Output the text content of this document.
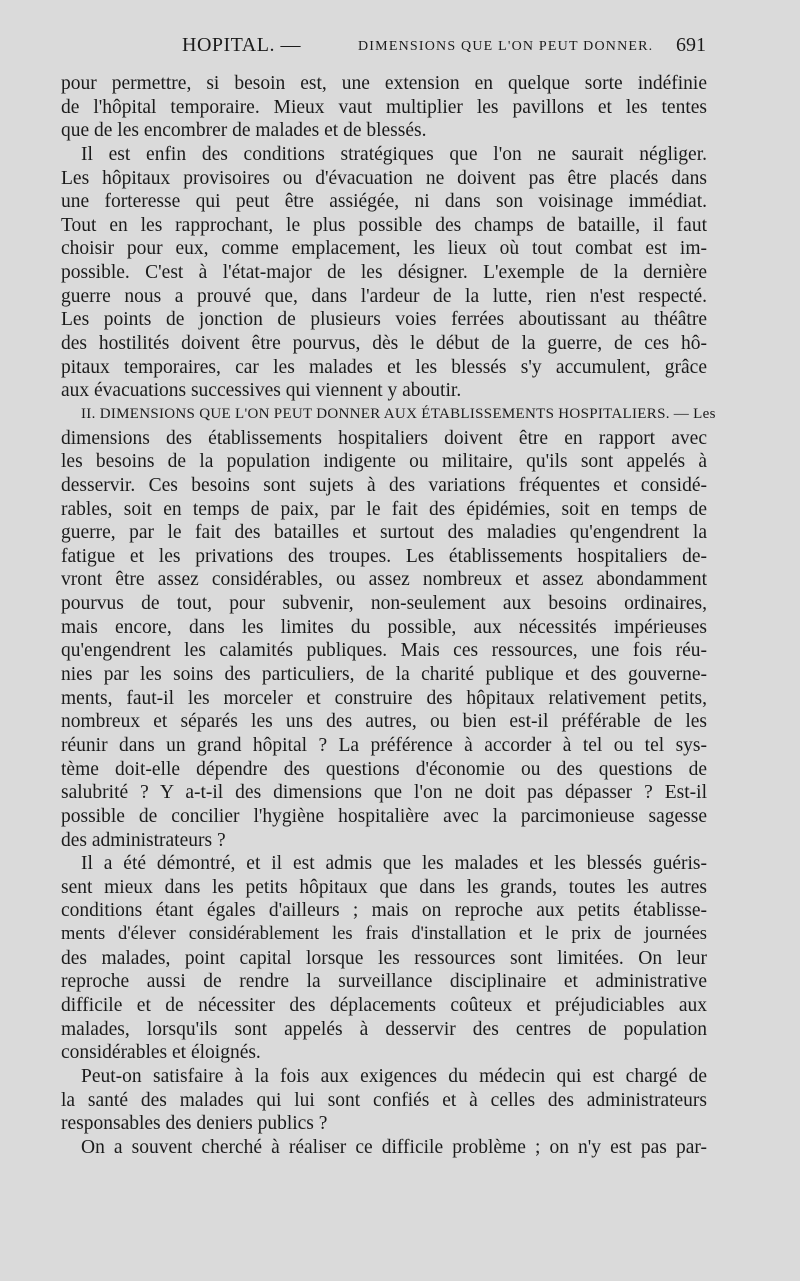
HOPITAL. —	DIMENSIONS QUE L'ON PEUT DONNER. 691
pour permettre, si besoin est, une extension en quelque sorte indéfinie
de l'hôpital temporaire. Mieux vaut multiplier les pavillons et les tentes
que de les encombrer de malades et de blessés.
Il est enfin des conditions stratégiques que l'on ne saurait négliger.
Les hôpitaux provisoires ou d'évacuation ne doivent pas être placés dans
une forteresse qui peut être assiégée, ni dans son voisinage immédiat.
Tout en les rapprochant, le plus possible des champs de bataille, il faut
choisir pour eux, comme emplacement, les lieux où tout combat est im-
possible. C'est à l'état-major de les désigner. L'exemple de la dernière
guerre nous a prouvé que, dans l'ardeur de la lutte, rien n'est respecté.
Les points de jonction de plusieurs voies ferrées aboutissant au théâtre
des hostilités doivent être pourvus, dès le début de la guerre, de ces hô-
pitaux temporaires, car les malades et les blessés s'y accumulent, grâce
aux évacuations successives qui viennent y aboutir.
II. DIMENSIONS QUE L'ON PEUT DONNER AUX ÉTABLISSEMENTS HOSPITALIERS. — Les
dimensions des établissements hospitaliers doivent être en rapport avec
les besoins de la population indigente ou militaire, qu'ils sont appelés à
desservir. Ces besoins sont sujets à des variations fréquentes et considé-
rables, soit en temps de paix, par le fait des épidémies, soit en temps de
guerre, par le fait des batailles et surtout des maladies qu'engendrent la
fatigue et les privations des troupes. Les établissements hospitaliers de-
vront être assez considérables, ou assez nombreux et assez abondamment
pourvus de tout, pour subvenir, non-seulement aux besoins ordinaires,
mais encore, dans les limites du possible, aux nécessités impérieuses
qu'engendrent les calamités publiques. Mais ces ressources, une fois réu-
nies par les soins des particuliers, de la charité publique et des gouverne-
ments, faut-il les morceler et construire des hôpitaux relativement petits,
nombreux et séparés les uns des autres, ou bien est-il préférable de les
réunir dans un grand hôpital ? La préférence à accorder à tel ou tel sys-
tème doit-elle dépendre des questions d'économie ou des questions de
salubrité ? Y a-t-il des dimensions que l'on ne doit pas dépasser ? Est-il
possible de concilier l'hygiène hospitalière avec la parcimonieuse sagesse
des administrateurs ?
Il a été démontré, et il est admis que les malades et les blessés guéris-
sent mieux dans les petits hôpitaux que dans les grands, toutes les autres
conditions étant égales d'ailleurs ; mais on reproche aux petits établisse-
ments d'élever considérablement les frais d'installation et le prix de journées
des malades, point capital lorsque les ressources sont limitées. On leur
reproche aussi de rendre la surveillance disciplinaire et administrative
difficile et de nécessiter des déplacements coûteux et préjudiciables aux
malades, lorsqu'ils sont appelés à desservir des centres de population
considérables et éloignés.
Peut-on satisfaire à la fois aux exigences du médecin qui est chargé de
la santé des malades qui lui sont confiés et à celles des administrateurs
responsables des deniers publics ?
On a souvent cherché à réaliser ce difficile problème ; on n'y est pas par-
